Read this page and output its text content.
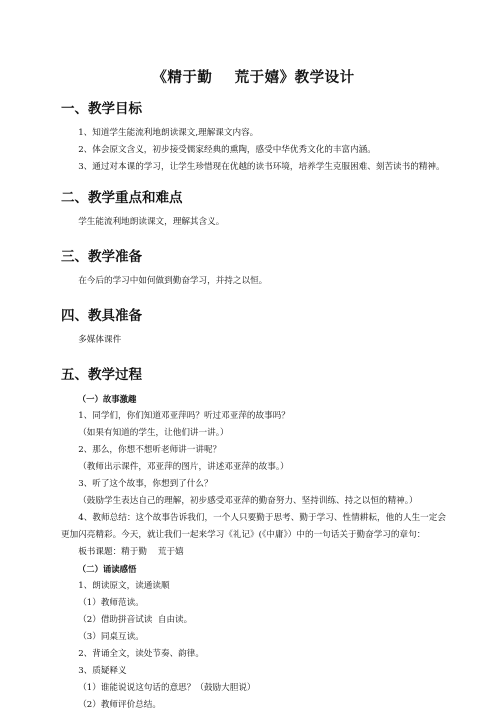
《精于勤    荒于嬉》教学设计
一、教学目标

1、知道学生能流利地朗读课文,理解课文内容。

2、体会原文含义，初步接受儒家经典的熏陶，感受中华优秀文化的丰富内涵。

3、通过对本课的学习，让学生珍惜现在优越的读书环境，培养学生克服困难、刻苦读书的精神。

二、教学重点和难点

学生能流利地朗读课文，理解其含义。

三、教学准备

在今后的学习中如何做到勤奋学习，并持之以恒。

四、教具准备

多媒体课件

五、教学过程

（一）故事激趣

1、同学们，你们知道邓亚萍吗？听过邓亚萍的故事吗？

（如果有知道的学生，让他们讲一讲。）

2、那么，你想不想听老师讲一讲呢？

（教师出示课件，邓亚萍的图片，讲述邓亚萍的故事。）

3、听了这个故事，你想到了什么？

（鼓励学生表达自己的理解，初步感受邓亚萍的勤奋努力、坚持训练、持之以恒的精神。）

4、教师总结：这个故事告诉我们，一个人只要勤于思考、勤于学习、性情耕耘，他的人生一定会更加闪亮精彩。今天，就让我们一起来学习《礼记》(《中庸》）中的一句话关于勤奋学习的章句：

板书课题：精于勤    荒于嬉

（二）诵读感悟

1、朗读原文，读通读顺

（1）教师范读。

（2）借助拼音试读  自由读。

（3）同桌互读。

2、背诵全文，读处节奏、韵律。

3、质疑释义

（1）谁能说说这句话的意思？（鼓励大胆说）

（2）教师评价总结。
